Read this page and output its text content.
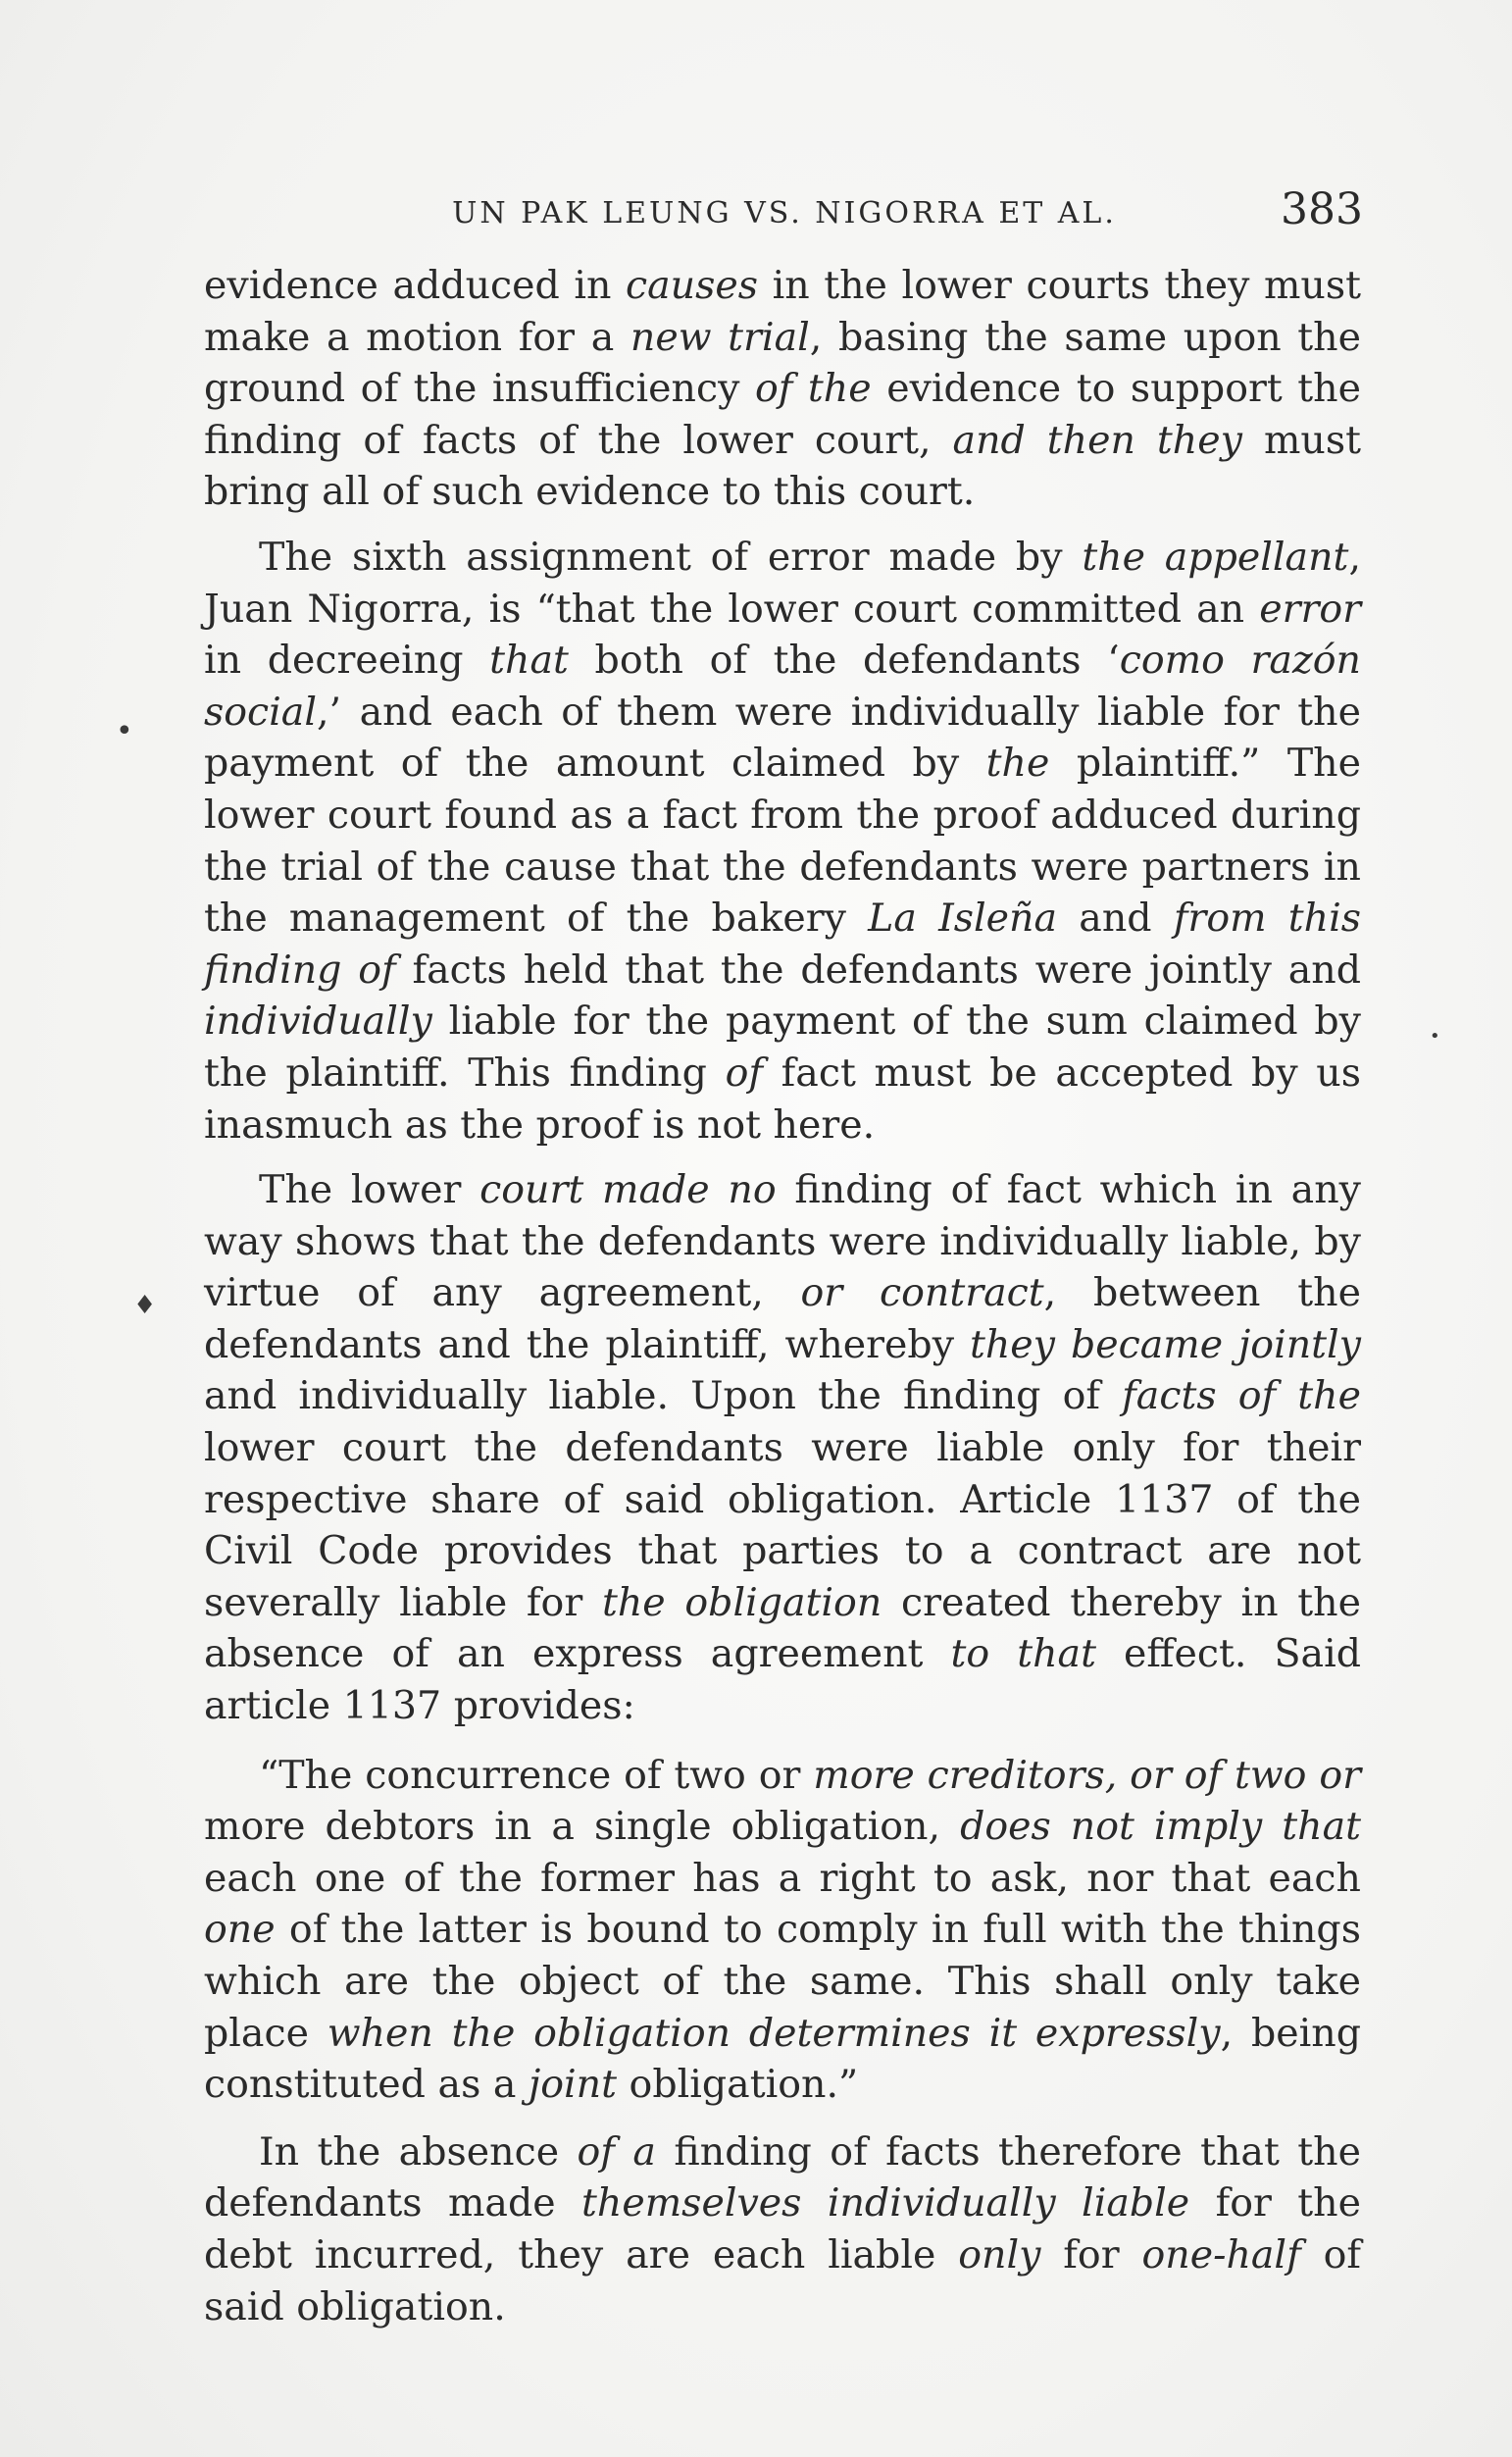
UN PAK LEUNG VS. NIGORRA ET AL.	383

evidence adduced in causes in the lower courts they must make a motion for a new trial, basing the same upon the ground of the insufficiency of the evidence to support the finding of facts of the lower court, and then they must bring all of such evidence to this court.

The sixth assignment of error made by the appellant, Juan Nigorra, is “that the lower court committed an error in decreeing that both of the defendants ‘como razón social,’ and each of them were individually liable for the payment of the amount claimed by the plaintiff.” The lower court found as a fact from the proof adduced during the trial of the cause that the defendants were partners in the management of the bakery La Isleña and from this finding of facts held that the defendants were jointly and individually liable for the payment of the sum claimed by the plaintiff. This finding of fact must be accepted by us inasmuch as the proof is not here.

The lower court made no finding of fact which in any way shows that the defendants were individually liable, by virtue of any agreement, or contract, between the defendants and the plaintiff, whereby they became jointly and individually liable. Upon the finding of facts of the lower court the defendants were liable only for their respective share of said obligation. Article 1137 of the Civil Code provides that parties to a contract are not severally liable for the obligation created thereby in the absence of an express agreement to that effect. Said article 1137 provides:

“The concurrence of two or more creditors, or of two or more debtors in a single obligation, does not imply that each one of the former has a right to ask, nor that each one of the latter is bound to comply in full with the things which are the object of the same. This shall only take place when the obligation determines it expressly, being constituted as a joint obligation.”

In the absence of a finding of facts therefore that the defendants made themselves individually liable for the debt incurred, they are each liable only for one-half of said obligation.

•
•
♦
